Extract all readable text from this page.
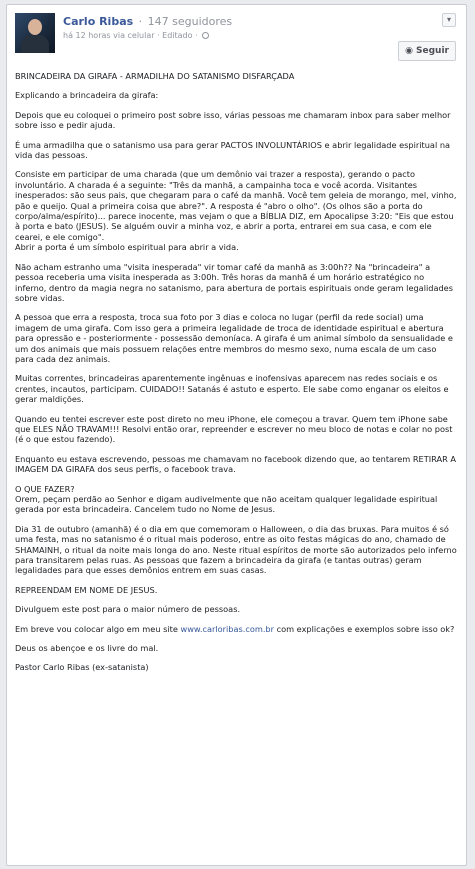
Carlo Ribas · 147 seguidores
há 12 horas via celular · Editado ·
▾
◉ Seguir

BRINCADEIRA DA GIRAFA - ARMADILHA DO SATANISMO DISFARÇADA

Explicando a brincadeira da girafa:

Depois que eu coloquei o primeiro post sobre isso, várias pessoas me chamaram inbox para saber melhor sobre isso e pedir ajuda.

É uma armadilha que o satanismo usa para gerar PACTOS INVOLUNTÁRIOS e abrir legalidade espiritual na vida das pessoas.

Consiste em participar de uma charada (que um demônio vai trazer a resposta), gerando o pacto involuntário. A charada é a seguinte: "Três da manhã, a campainha toca e você acorda. Visitantes inesperados: são seus pais, que chegaram para o café da manhã. Você tem geleia de morango, mel, vinho, pão e queijo. Qual a primeira coisa que abre?". A resposta é "abro o olho". (Os olhos são a porta do corpo/alma/espírito)... parece inocente, mas vejam o que a BÍBLIA DIZ, em Apocalipse 3:20: "Eis que estou à porta e bato (JESUS). Se alguém ouvir a minha voz, e abrir a porta, entrarei em sua casa, e com ele cearei, e ele comigo".
Abrir a porta é um símbolo espiritual para abrir a vida.

Não acham estranho uma "visita inesperada" vir tomar café da manhã as 3:00h?? Na "brincadeira" a pessoa receberia uma visita inesperada as 3:00h. Três horas da manhã é um horário estratégico no inferno, dentro da magia negra no satanismo, para abertura de portais espirituais onde geram legalidades sobre vidas.

A pessoa que erra a resposta, troca sua foto por 3 dias e coloca no lugar (perfil da rede social) uma imagem de uma girafa. Com isso gera a primeira legalidade de troca de identidade espiritual e abertura para opressão e - posteriormente - possessão demoníaca. A girafa é um animal símbolo da sensualidade e um dos animais que mais possuem relações entre membros do mesmo sexo, numa escala de um caso para cada dez animais.

Muitas correntes, brincadeiras aparentemente ingênuas e inofensivas aparecem nas redes sociais e os crentes, incautos, participam. CUIDADO!! Satanás é astuto e esperto. Ele sabe como enganar os eleitos e gerar maldições.

Quando eu tentei escrever este post direto no meu iPhone, ele começou a travar. Quem tem iPhone sabe que ELES NÃO TRAVAM!!! Resolvi então orar, repreender e escrever no meu bloco de notas e colar no post (é o que estou fazendo).

Enquanto eu estava escrevendo, pessoas me chamavam no facebook dizendo que, ao tentarem RETIRAR A IMAGEM DA GIRAFA dos seus perfis, o facebook trava.

O QUE FAZER?
Orem, peçam perdão ao Senhor e digam audivelmente que não aceitam qualquer legalidade espiritual gerada por esta brincadeira. Cancelem tudo no Nome de Jesus.

Dia 31 de outubro (amanhã) é o dia em que comemoram o Halloween, o dia das bruxas. Para muitos é só uma festa, mas no satanismo é o ritual mais poderoso, entre as oito festas mágicas do ano, chamado de SHAMAINH, o ritual da noite mais longa do ano. Neste ritual espíritos de morte são autorizados pelo inferno para transitarem pelas ruas. As pessoas que fazem a brincadeira da girafa (e tantas outras) geram legalidades para que esses demônios entrem em suas casas.

REPREENDAM EM NOME DE JESUS.

Divulguem este post para o maior número de pessoas.

Em breve vou colocar algo em meu site www.carloribas.com.br com explicações e exemplos sobre isso ok?

Deus os abençoe e os livre do mal.

Pastor Carlo Ribas (ex-satanista)
